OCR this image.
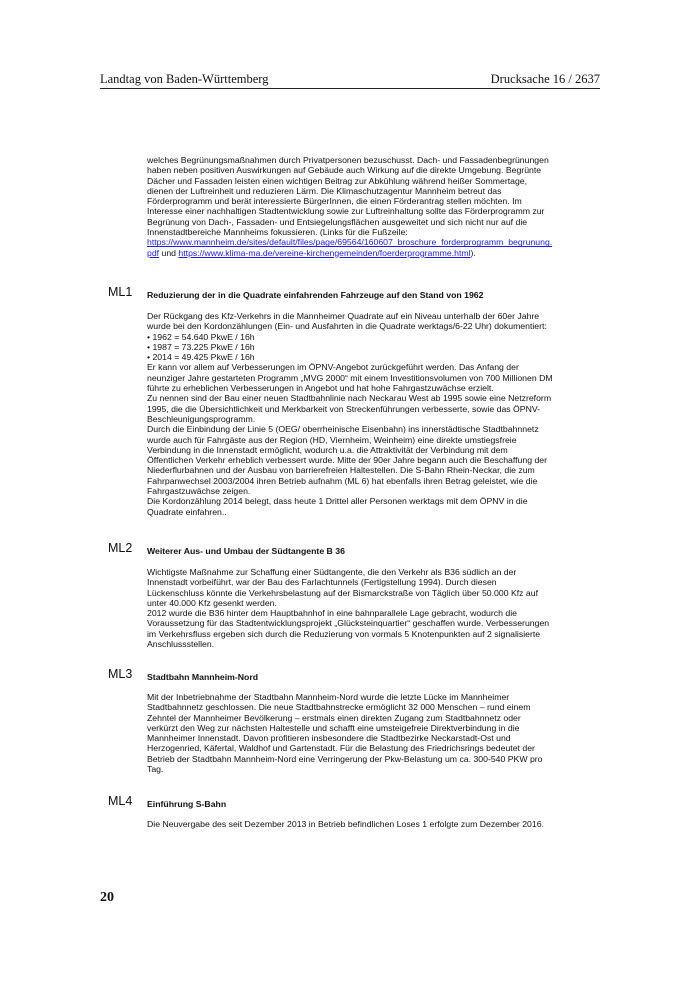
Landtag von Baden-Württemberg	Drucksache 16 / 2637
welches Begrünungsmaßnahmen durch Privatpersonen bezuschusst. Dach- und Fassadenbegrünungen
haben neben positiven Auswirkungen auf Gebäude auch Wirkung auf die direkte Umgebung. Begrünte
Dächer und Fassaden leisten einen wichtigen Beitrag zur Abkühlung während heißer Sommertage,
dienen der Luftreinheit und reduzieren Lärm. Die Klimaschutzagentur Mannheim betreut das
Förderprogramm und berät interessierte BürgerInnen, die einen Förderantrag stellen möchten. Im
Interesse einer nachhaltigen Stadtentwicklung sowie zur Luftreinhaltung sollte das Förderprogramm zur
Begrünung von Dach-, Fassaden- und Entsiegelungsflächen ausgeweitet und sich nicht nur auf die
Innenstadtbereiche Mannheims fokussieren. (Links für die Fußzeile:
https://www.mannheim.de/sites/default/files/page/69564/160607_broschure_forderprogramm_begrunung.
pdf und https://www.klima-ma.de/vereine-kirchengemeinden/foerderprogramme.html).
ML1 Reduzierung der in die Quadrate einfahrenden Fahrzeuge auf den Stand von 1962
Der Rückgang des Kfz-Verkehrs in die Mannheimer Quadrate auf ein Niveau unterhalb der 60er Jahre
wurde bei den Kordonzählungen (Ein- und Ausfahrten in die Quadrate werktags/6-22 Uhr) dokumentiert:
• 1962 = 54.640 PkwE / 16h
• 1987 = 73.225 PkwE / 16h
• 2014 = 49.425 PkwE / 16h
Er kann vor allem auf Verbesserungen im ÖPNV-Angebot zurückgeführt werden. Das Anfang der
neunziger Jahre gestarteten Programm „MVG 2000“ mit einem Investitionsvolumen von 700 Millionen DM
führte zu erheblichen Verbesserungen in Angebot und hat hohe Fahrgastzuwächse erzielt.
Zu nennen sind der Bau einer neuen Stadtbahnlinie nach Neckarau West ab 1995 sowie eine Netzreform
1995, die die Übersichtlichkeit und Merkbarkeit von Streckenführungen verbesserte, sowie das ÖPNV-
Beschleunigungsprogramm.
Durch die Einbindung der Linie 5 (OEG/ oberrheinische Eisenbahn) ins innerstädtische Stadtbahnnetz
wurde auch für Fahrgäste aus der Region (HD, Viernheim, Weinheim) eine direkte umstiegsfreie
Verbindung in die Innenstadt ermöglicht, wodurch u.a. die Attraktivität der Verbindung mit dem
Öffentlichen Verkehr erheblich verbessert wurde. Mitte der 90er Jahre begann auch die Beschaffung der
Niederflurbahnen und der Ausbau von barrierefreien Haltestellen. Die S-Bahn Rhein-Neckar, die zum
Fahrpanwechsel 2003/2004 ihren Betrieb aufnahm (ML 6) hat ebenfalls ihren Betrag geleistet, wie die
Fahrgastzuwächse zeigen.
Die Kordonzählung 2014 belegt, dass heute 1 Drittel aller Personen werktags mit dem ÖPNV in die
Quadrate einfahren..
ML2 Weiterer Aus- und Umbau der Südtangente B 36
Wichtigste Maßnahme zur Schaffung einer Südtangente, die den Verkehr als B36 südlich an der
Innenstadt vorbeiführt, war der Bau des Farlachtunnels (Fertigstellung 1994). Durch diesen
Lückenschluss könnte die Verkehrsbelastung auf der Bismarckstraße von Täglich über 50.000 Kfz auf
unter 40.000 Kfz gesenkt werden.
2012 wurde die B36 hinter dem Hauptbahnhof in eine bahnparallele Lage gebracht, wodurch die
Voraussetzung für das Stadtentwicklungsprojekt „Glücksteinquartier“ geschaffen wurde. Verbesserungen
im Verkehrsfluss ergeben sich durch die Reduzierung von vormals 5 Knotenpunkten auf 2 signalisierte
Anschlussstellen.
ML3 Stadtbahn Mannheim-Nord
Mit der Inbetriebnahme der Stadtbahn Mannheim-Nord wurde die letzte Lücke im Mannheimer
Stadtbahnnetz geschlossen. Die neue Stadtbahnstrecke ermöglicht 32 000 Menschen – rund einem
Zehntel der Mannheimer Bevölkerung – erstmals einen direkten Zugang zum Stadtbahnnetz oder
verkürzt den Weg zur nächsten Haltestelle und schafft eine umsteigefreie Direktverbindung in die
Mannheimer Innenstadt. Davon profitieren insbesondere die Stadtbezirke Neckarstadt-Ost und
Herzogenried, Käfertal, Waldhof und Gartenstadt. Für die Belastung des Friedrichsrings bedeutet der
Betrieb der Stadtbahn Mannheim-Nord eine Verringerung der Pkw-Belastung um ca. 300-540 PKW pro
Tag.
ML4 Einführung S-Bahn
Die Neuvergabe des seit Dezember 2013 in Betrieb befindlichen Loses 1 erfolgte zum Dezember 2016.
20
